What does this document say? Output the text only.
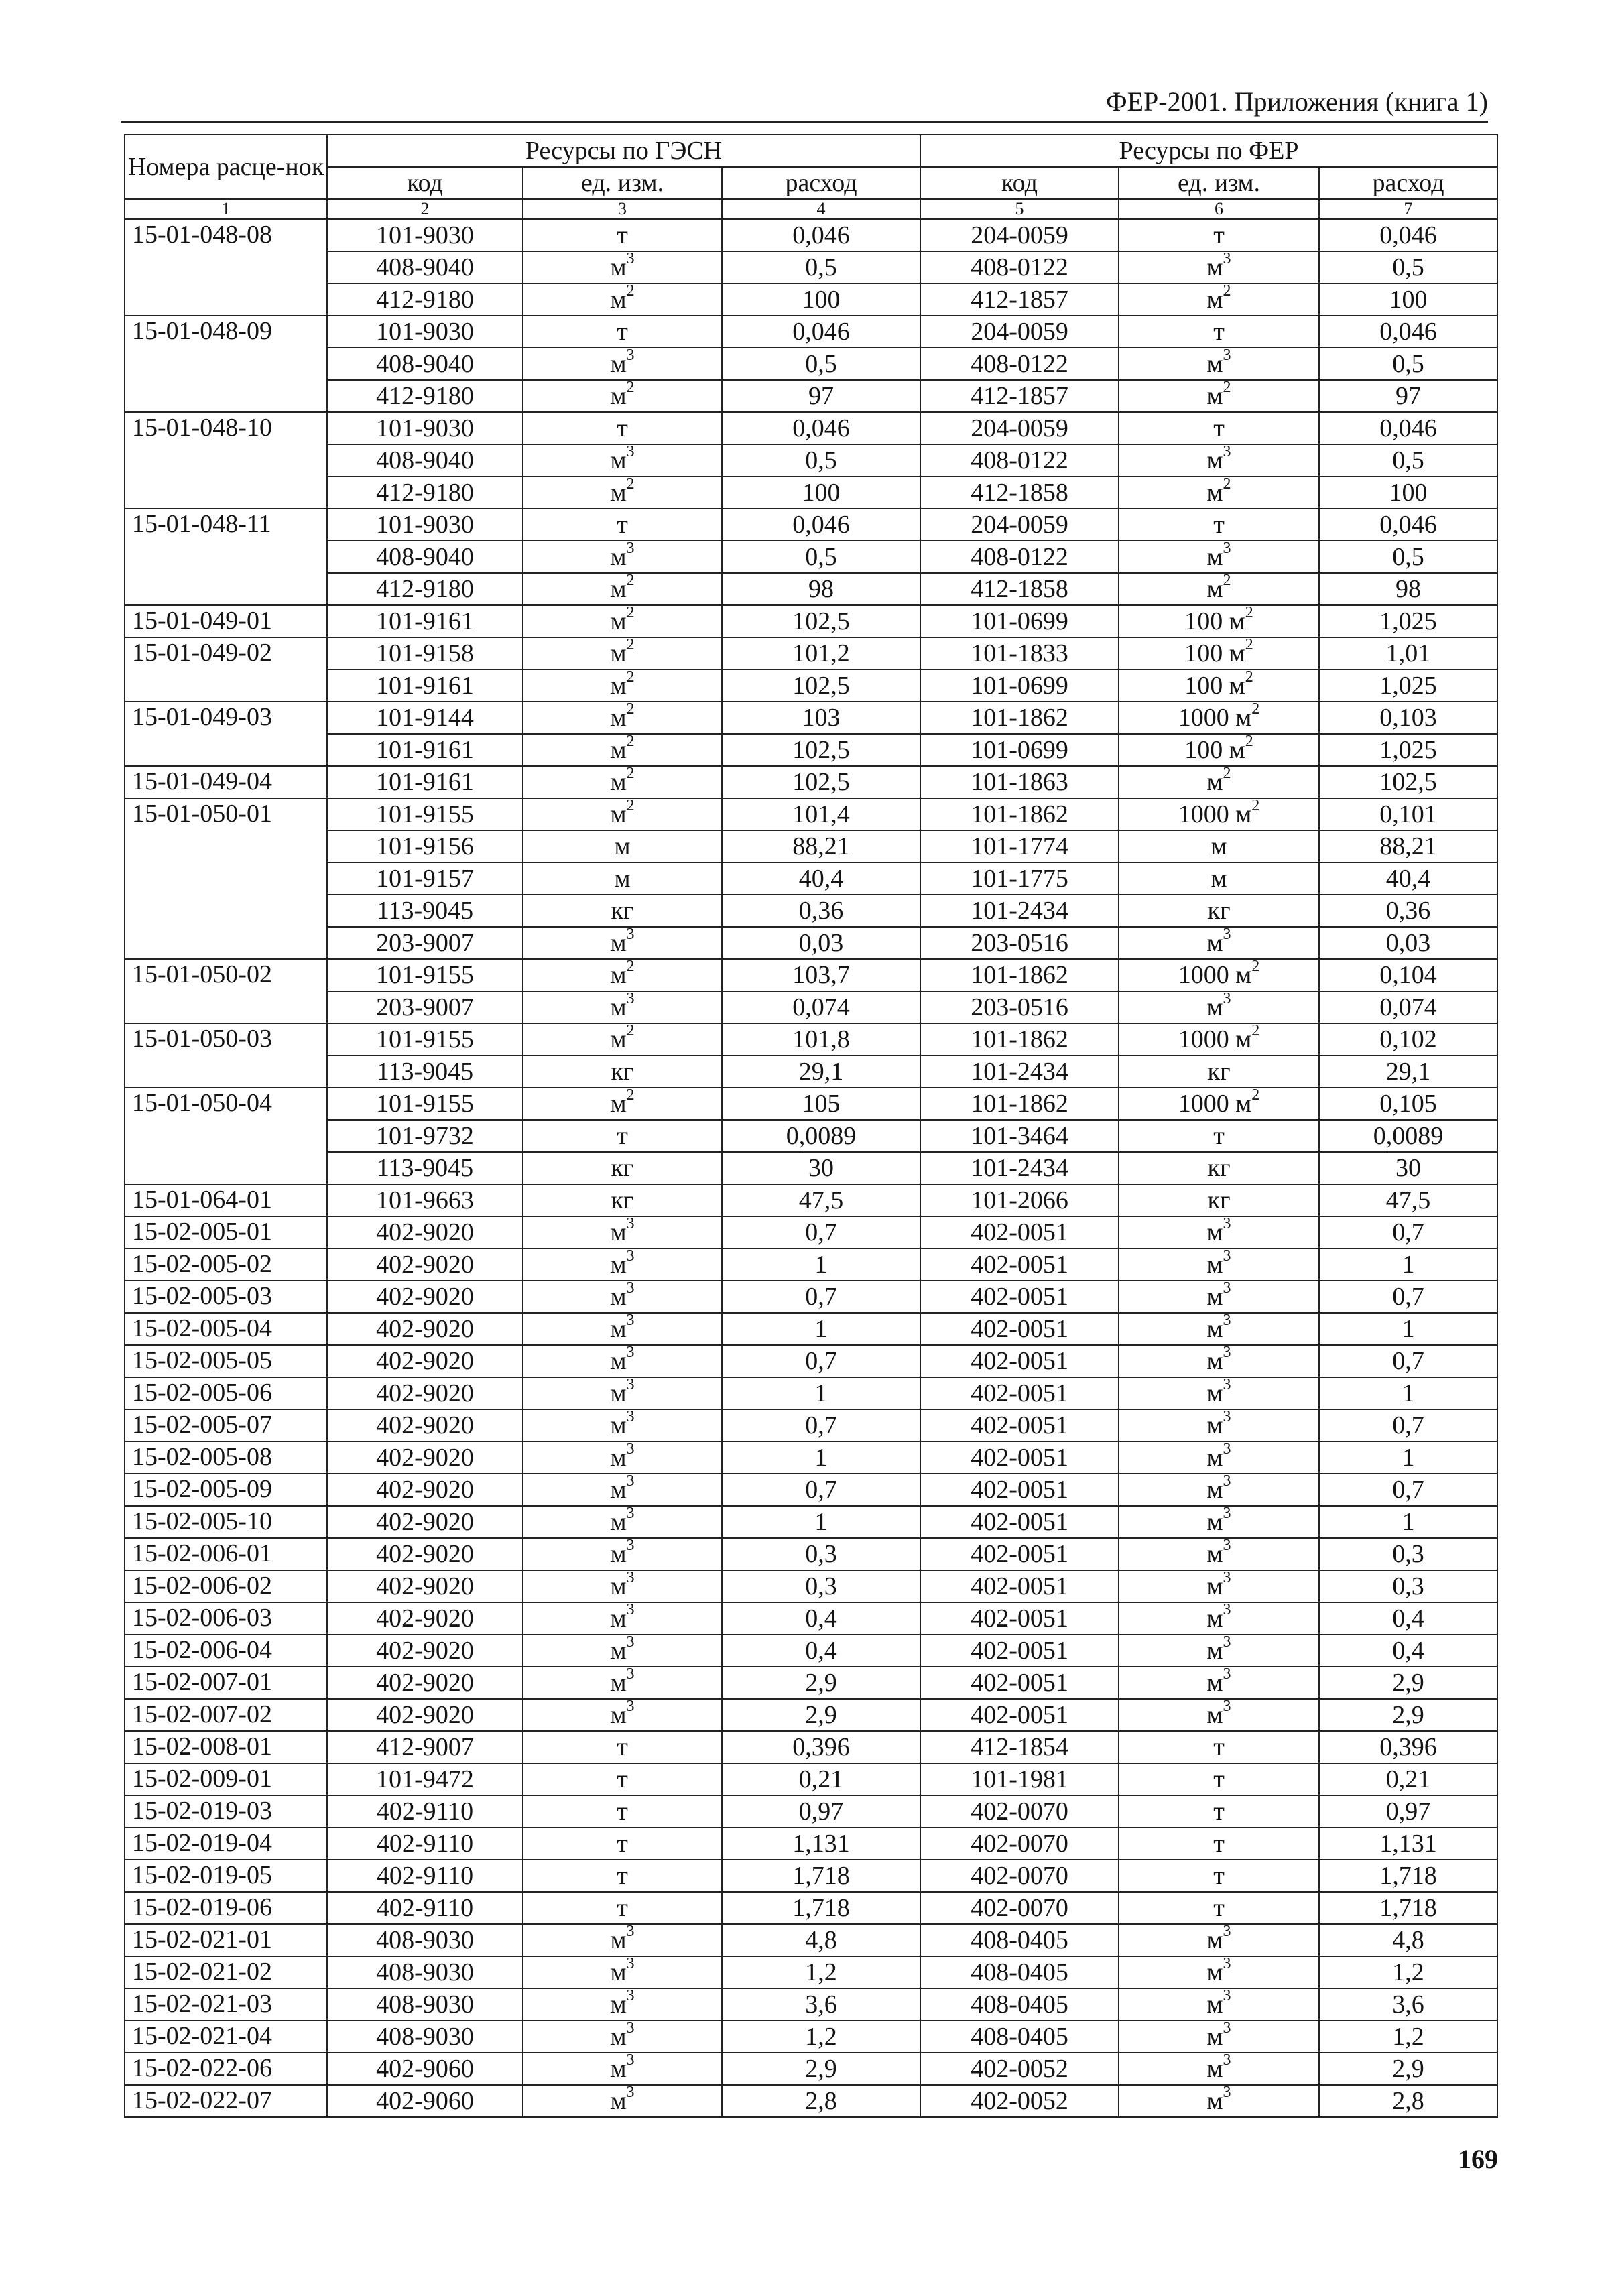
ФЕР-2001. Приложения (книга 1)
Номера расце-нок	Ресурсы по ГЭСН			Ресурсы по ФЕР		
	код	ед. изм.	расход	код	ед. изм.	расход
1	2	3	4	5	6	7
15-01-048-08	101-9030	т	0,046	204-0059	т	0,046
	408-9040	$м^3$	0,5	408-0122	$м^3$	0,5
	412-9180	$м^2$	100	412-1857	$м^2$	100
15-01-048-09	101-9030	т	0,046	204-0059	т	0,046
	408-9040	$м^3$	0,5	408-0122	$м^3$	0,5
	412-9180	$м^2$	97	412-1857	$м^2$	97
15-01-048-10	101-9030	т	0,046	204-0059	т	0,046
	408-9040	$м^3$	0,5	408-0122	$м^3$	0,5
	412-9180	$м^2$	100	412-1858	$м^2$	100
15-01-048-11	101-9030	т	0,046	204-0059	т	0,046
	408-9040	$м^3$	0,5	408-0122	$м^3$	0,5
	412-9180	$м^2$	98	412-1858	$м^2$	98
15-01-049-01	101-9161	$м^2$	102,5	101-0699	100 $м^2$	1,025
15-01-049-02	101-9158	$м^2$	101,2	101-1833	100 $м^2$	1,01
	101-9161	$м^2$	102,5	101-0699	100 $м^2$	1,025
15-01-049-03	101-9144	$м^2$	103	101-1862	1000 $м^2$	0,103
	101-9161	$м^2$	102,5	101-0699	100 $м^2$	1,025
15-01-049-04	101-9161	$м^2$	102,5	101-1863	$м^2$	102,5
15-01-050-01	101-9155	$м^2$	101,4	101-1862	1000 $м^2$	0,101
	101-9156	м	88,21	101-1774	м	88,21
	101-9157	м	40,4	101-1775	м	40,4
	113-9045	кг	0,36	101-2434	кг	0,36
	203-9007	$м^3$	0,03	203-0516	$м^3$	0,03
15-01-050-02	101-9155	$м^2$	103,7	101-1862	1000 $м^2$	0,104
	203-9007	$м^3$	0,074	203-0516	$м^3$	0,074
15-01-050-03	101-9155	$м^2$	101,8	101-1862	1000 $м^2$	0,102
	113-9045	кг	29,1	101-2434	кг	29,1
15-01-050-04	101-9155	$м^2$	105	101-1862	1000 $м^2$	0,105
	101-9732	т	0,0089	101-3464	т	0,0089
	113-9045	кг	30	101-2434	кг	30
15-01-064-01	101-9663	кг	47,5	101-2066	кг	47,5
15-02-005-01	402-9020	$м^3$	0,7	402-0051	$м^3$	0,7
15-02-005-02	402-9020	$м^3$	1	402-0051	$м^3$	1
15-02-005-03	402-9020	$м^3$	0,7	402-0051	$м^3$	0,7
15-02-005-04	402-9020	$м^3$	1	402-0051	$м^3$	1
15-02-005-05	402-9020	$м^3$	0,7	402-0051	$м^3$	0,7
15-02-005-06	402-9020	$м^3$	1	402-0051	$м^3$	1
15-02-005-07	402-9020	$м^3$	0,7	402-0051	$м^3$	0,7
15-02-005-08	402-9020	$м^3$	1	402-0051	$м^3$	1
15-02-005-09	402-9020	$м^3$	0,7	402-0051	$м^3$	0,7
15-02-005-10	402-9020	$м^3$	1	402-0051	$м^3$	1
15-02-006-01	402-9020	$м^3$	0,3	402-0051	$м^3$	0,3
15-02-006-02	402-9020	$м^3$	0,3	402-0051	$м^3$	0,3
15-02-006-03	402-9020	$м^3$	0,4	402-0051	$м^3$	0,4
15-02-006-04	402-9020	$м^3$	0,4	402-0051	$м^3$	0,4
15-02-007-01	402-9020	$м^3$	2,9	402-0051	$м^3$	2,9
15-02-007-02	402-9020	$м^3$	2,9	402-0051	$м^3$	2,9
15-02-008-01	412-9007	т	0,396	412-1854	т	0,396
15-02-009-01	101-9472	т	0,21	101-1981	т	0,21
15-02-019-03	402-9110	т	0,97	402-0070	т	0,97
15-02-019-04	402-9110	т	1,131	402-0070	т	1,131
15-02-019-05	402-9110	т	1,718	402-0070	т	1,718
15-02-019-06	402-9110	т	1,718	402-0070	т	1,718
15-02-021-01	408-9030	$м^3$	4,8	408-0405	$м^3$	4,8
15-02-021-02	408-9030	$м^3$	1,2	408-0405	$м^3$	1,2
15-02-021-03	408-9030	$м^3$	3,6	408-0405	$м^3$	3,6
15-02-021-04	408-9030	$м^3$	1,2	408-0405	$м^3$	1,2
15-02-022-06	402-9060	$м^3$	2,9	402-0052	$м^3$	2,9
15-02-022-07	402-9060	$м^3$	2,8	402-0052	$м^3$	2,8
169
